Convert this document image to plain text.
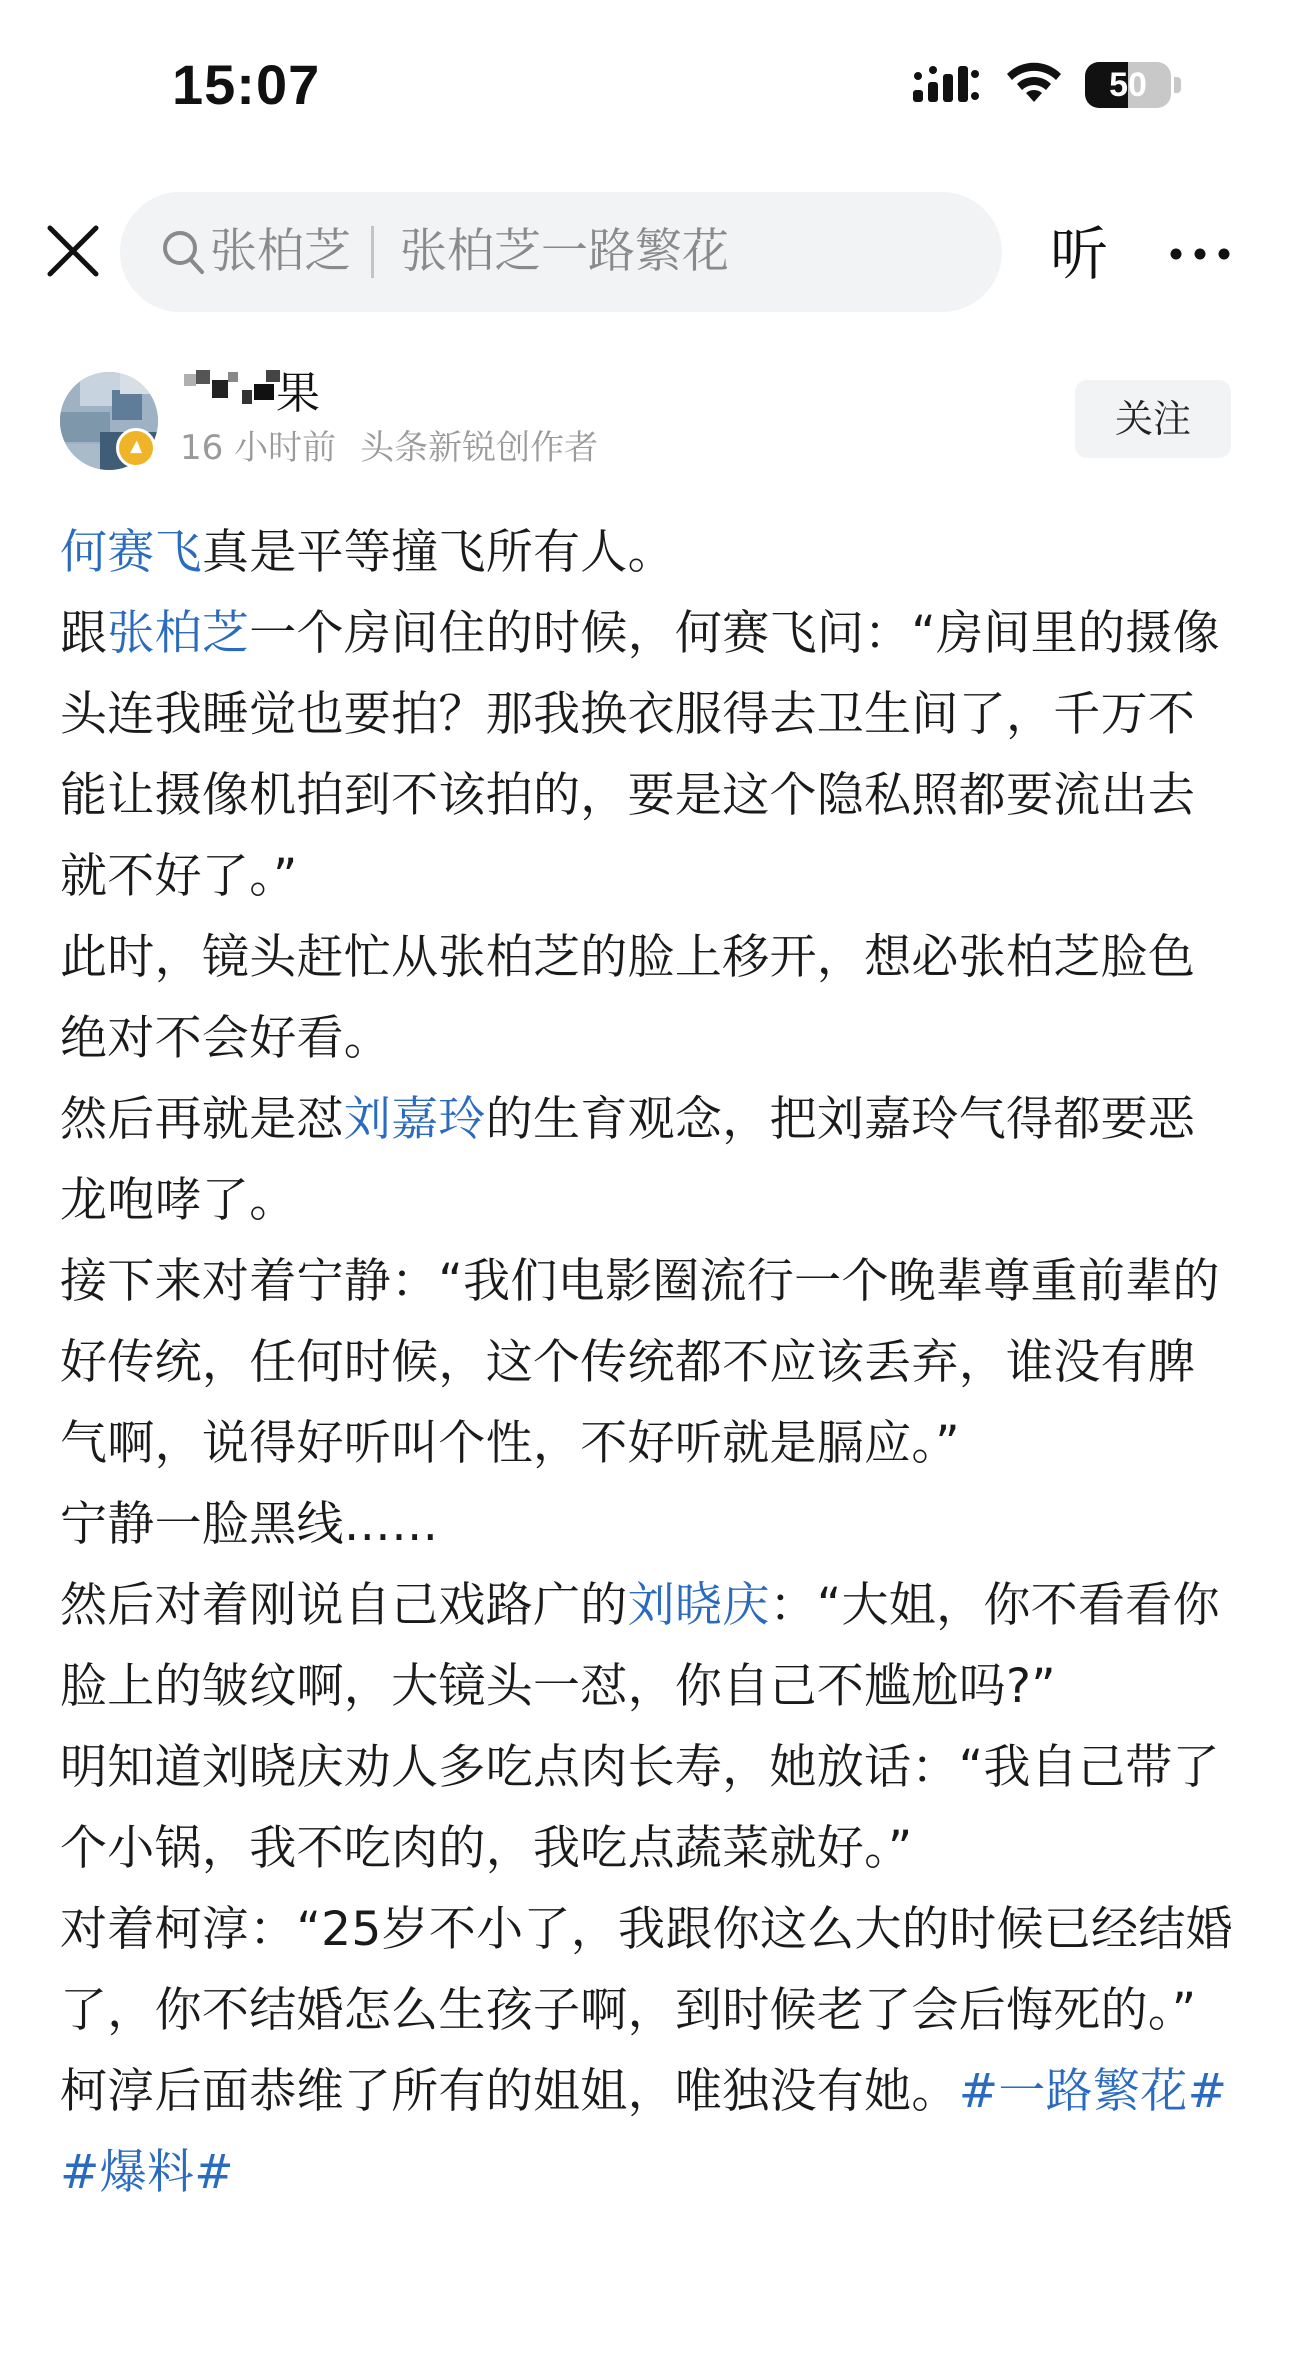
15:07	50
张柏芝 张柏芝一路繁花	听
果
16 小时前 头条新锐创作者
关注

何赛飞真是平等撞飞所有人。

跟张柏芝一个房间住的时候，何赛飞问：“房间里的摄像头连我睡觉也要拍？那我换衣服得去卫生间了，千万不能让摄像机拍到不该拍的，要是这个隐私照都要流出去就不好了。”

此时，镜头赶忙从张柏芝的脸上移开，想必张柏芝脸色绝对不会好看。

然后再就是怼刘嘉玲的生育观念，把刘嘉玲气得都要恶龙咆哮了。

接下来对着宁静：“我们电影圈流行一个晚辈尊重前辈的好传统，任何时候，这个传统都不应该丢弃，谁没有脾气啊，说得好听叫个性，不好听就是膈应。”

宁静一脸黑线……

然后对着刚说自己戏路广的刘晓庆：“大姐，你不看看你脸上的皱纹啊，大镜头一怼，你自己不尴尬吗?”

明知道刘晓庆劝人多吃点肉长寿，她放话：“我自己带了个小锅，我不吃肉的，我吃点蔬菜就好。”

对着柯淳：“25岁不小了，我跟你这么大的时候已经结婚了，你不结婚怎么生孩子啊，到时候老了会后悔死的。”

柯淳后面恭维了所有的姐姐，唯独没有她。#一路繁花# #爆料#
